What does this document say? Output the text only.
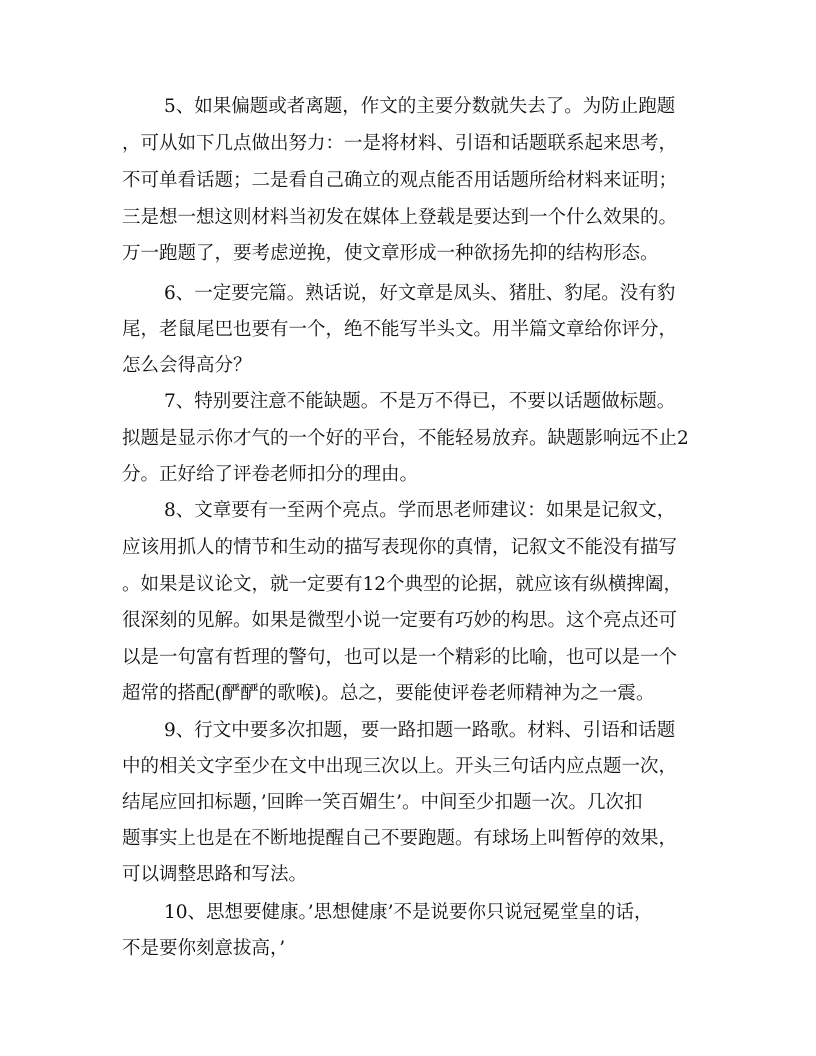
5、如果偏题或者离题，作文的主要分数就失去了。为防止跑题
，可从如下几点做出努力：一是将材料、引语和话题联系起来思考，
不可单看话题；二是看自己确立的观点能否用话题所给材料来证明；
三是想一想这则材料当初发在媒体上登载是要达到一个什么效果的。
万一跑题了，要考虑逆挽，使文章形成一种欲扬先抑的结构形态。
6、一定要完篇。熟话说，好文章是凤头、猪肚、豹尾。没有豹
尾，老鼠尾巴也要有一个，绝不能写半头文。用半篇文章给你评分，
怎么会得高分？
7、特别要注意不能缺题。不是万不得已，不要以话题做标题。
拟题是显示你才气的一个好的平台，不能轻易放弃。缺题影响远不止2
分。正好给了评卷老师扣分的理由。
8、文章要有一至两个亮点。学而思老师建议：如果是记叙文，
应该用抓人的情节和生动的描写表现你的真情，记叙文不能没有描写
。如果是议论文，就一定要有12个典型的论据，就应该有纵横捭阖，
很深刻的见解。如果是微型小说一定要有巧妙的构思。这个亮点还可
以是一句富有哲理的警句，也可以是一个精彩的比喻，也可以是一个
超常的搭配(酽酽的歌喉)。总之，要能使评卷老师精神为之一震。
9、行文中要多次扣题，要一路扣题一路歌。材料、引语和话题
中的相关文字至少在文中出现三次以上。开头三句话内应点题一次，
结尾应回扣标题，’回眸一笑百媚生’。中间至少扣题一次。几次扣
题事实上也是在不断地提醒自己不要跑题。有球场上叫暂停的效果，
可以调整思路和写法。
10、思想要健康。’思想健康’不是说要你只说冠冕堂皇的话，
不是要你刻意拔高，’
